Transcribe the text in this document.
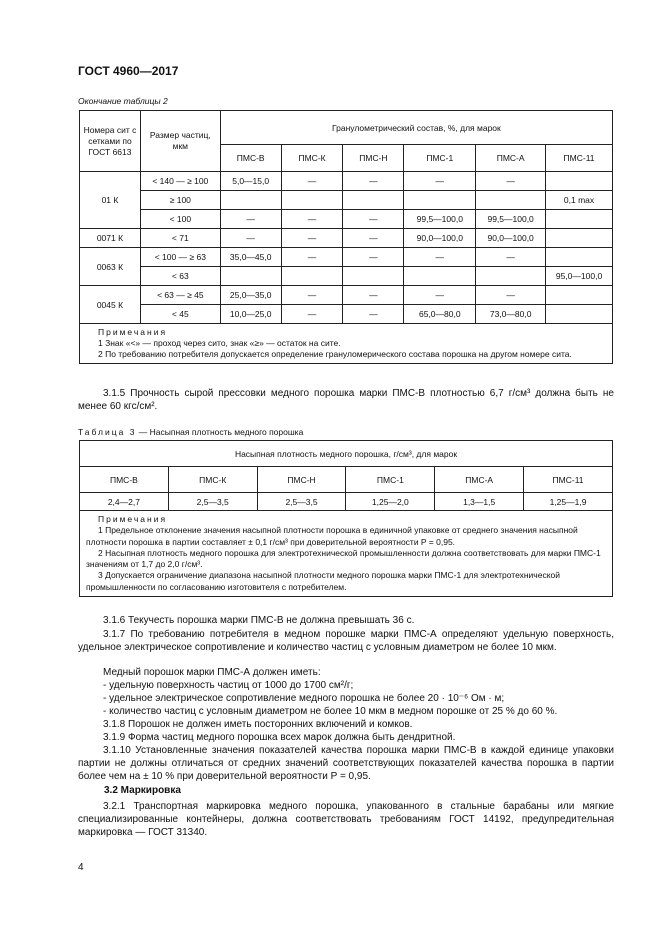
ГОСТ 4960—2017
Окончание таблицы 2
Номера сит с сетками по ГОСТ 6613	Размер частиц, мкм	Гранулометрический состав, %, для марок					
		ПМС-В	ПМС-К	ПМС-Н	ПМС-1	ПМС-А	ПМС-11
01 К	< 140 — ≥ 100	5,0—15,0	—	—	—	—	
	≥ 100						0,1 max
	< 100	—	—	—	99,5—100,0	99,5—100,0	
0071 К	< 71	—	—	—	90,0—100,0	90,0—100,0	
0063 К	< 100 — ≥ 63	35,0—45,0	—	—	—	—	
	< 63						95,0—100,0
0045 К	< 63 — ≥ 45	25,0—35,0	—	—	—	—	
	< 45	10,0—25,0	—	—	65,0—80,0	73,0—80,0	

Примечания

1 Знак «<» — проход через сито, знак «≥» — остаток на сите.

2 По требованию потребителя допускается определение грануломерического состава порошка на другом номере сита.							

3.1.5 Прочность сырой прессовки медного порошка марки ПМС-В плотностью 6,7 г/см³ должна быть не менее 60 кгс/см².

Таблица 3 — Насыпная плотность медного порошка
Насыпная плотность медного порошка, г/см³, для марок					
ПМС-В	ПМС-К	ПМС-Н	ПМС-1	ПМС-А	ПМС-11
2,4—2,7	2,5—3,5	2,5—3,5	1,25—2,0	1,3—1,5	1,25—1,9

Примечания

1 Предельное отклонение значения насыпной плотности порошка в единичной упаковке от среднего значения насыпной плотности порошка в партии составляет ± 0,1 г/см³ при доверительной вероятности P = 0,95.

2 Насыпная плотность медного порошка для электротехнической промышленности должна соответствовать для марки ПМС-1 значениям от 1,7 до 2,0 г/см³.

3 Допускается ограничение диапазона насыпной плотности медного порошка марки ПМС-1 для электротехнической промышленности по согласованию изготовителя с потребителем.					

3.1.6 Текучесть порошка марки ПМС-В не должна превышать 36 с.

3.1.7 По требованию потребителя в медном порошке марки ПМС-А определяют удельную поверхность, удельное электрическое сопротивление и количество частиц с условным диаметром не более 10 мкм.

Медный порошок марки ПМС-А должен иметь:

- удельную поверхность частиц от 1000 до 1700 см²/г;

- удельное электрическое сопротивление медного порошка не более 20 · 10⁻⁶ Ом · м;

- количество частиц с условным диаметром не более 10 мкм в медном порошке от 25 % до 60 %.

3.1.8 Порошок не должен иметь посторонних включений и комков.

3.1.9 Форма частиц медного порошка всех марок должна быть дендритной.

3.1.10 Установленные значения показателей качества порошка марки ПМС-В в каждой единице упаковки партии не должны отличаться от средних значений соответствующих показателей качества порошка в партии более чем на ± 10 % при доверительной вероятности P = 0,95.

3.2 Маркировка

3.2.1 Транспортная маркировка медного порошка, упакованного в стальные барабаны или мягкие специализированные контейнеры, должна соответствовать требованиям ГОСТ 14192, предупредительная маркировка — ГОСТ 31340.

4
